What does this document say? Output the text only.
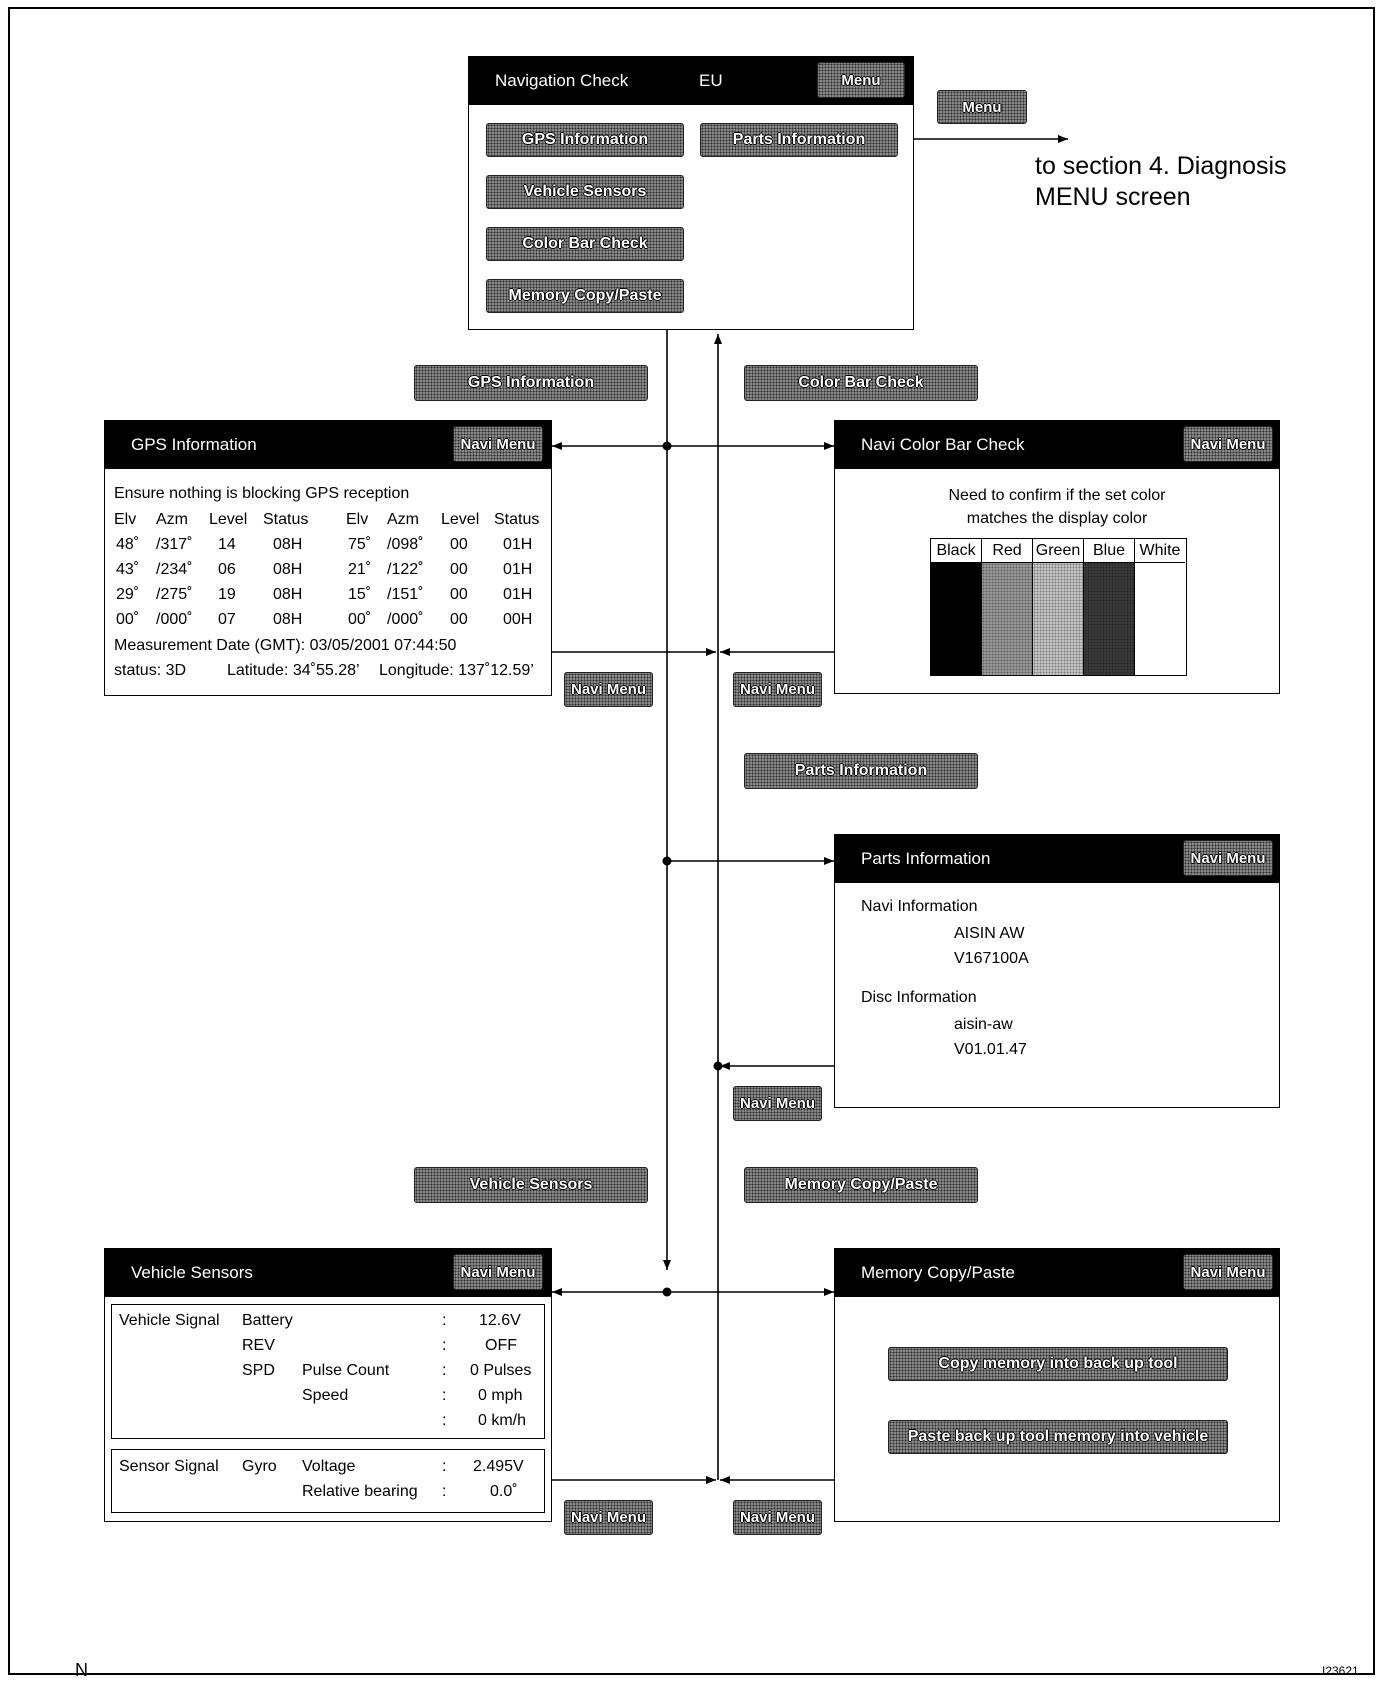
Navigation Check	EU	Menu
GPS Information
Vehicle Sensors
Color Bar Check
Memory Copy/Paste
Parts Information
Menu
to section 4. Diagnosis
MENU screen
GPS Information	Color Bar Check
Parts Information
Vehicle Sensors	Memory Copy/Paste
Navi Menu	Navi Menu
Navi Menu
Navi Menu	Navi Menu
GPS Information	Navi Menu
Ensure nothing is blocking GPS reception
Elv Azm Level Status Elv Azm Level Status
48˚ /317˚ 14 08H	75˚ /098˚ 00 01H
43˚ /234˚ 06 08H	21˚ /122˚ 00 01H
29˚ /275˚ 19 08H	15˚ /151˚ 00 01H
00˚ /000˚ 07 08H	00˚ /000˚ 00 00H
Measurement Date (GMT): 03/05/2001 07:44:50
status: 3D	Latitude: 34˚55.28’ Longitude: 137˚12.59’
Navi Color Bar Check	Navi Menu
Need to confirm if the set color
matches the display color
Black	Red Green Blue White
Parts Information	Navi Menu
Navi Information
AISIN AW
V167100A
Disc Information
aisin-aw
V01.01.47
Vehicle Sensors	Navi Menu
Vehicle Signal Battery	: 12.6V
REV	: OFF
SPD Pulse Count	: 0 Pulses
Speed	: 0 mph
: 0 km/h
Sensor Signal Gyro Voltage	: 2.495V
Relative bearing :	0.0˚
Memory Copy/Paste	Navi Menu
Copy memory into back up tool
Paste back up tool memory into vehicle
N	I23621
